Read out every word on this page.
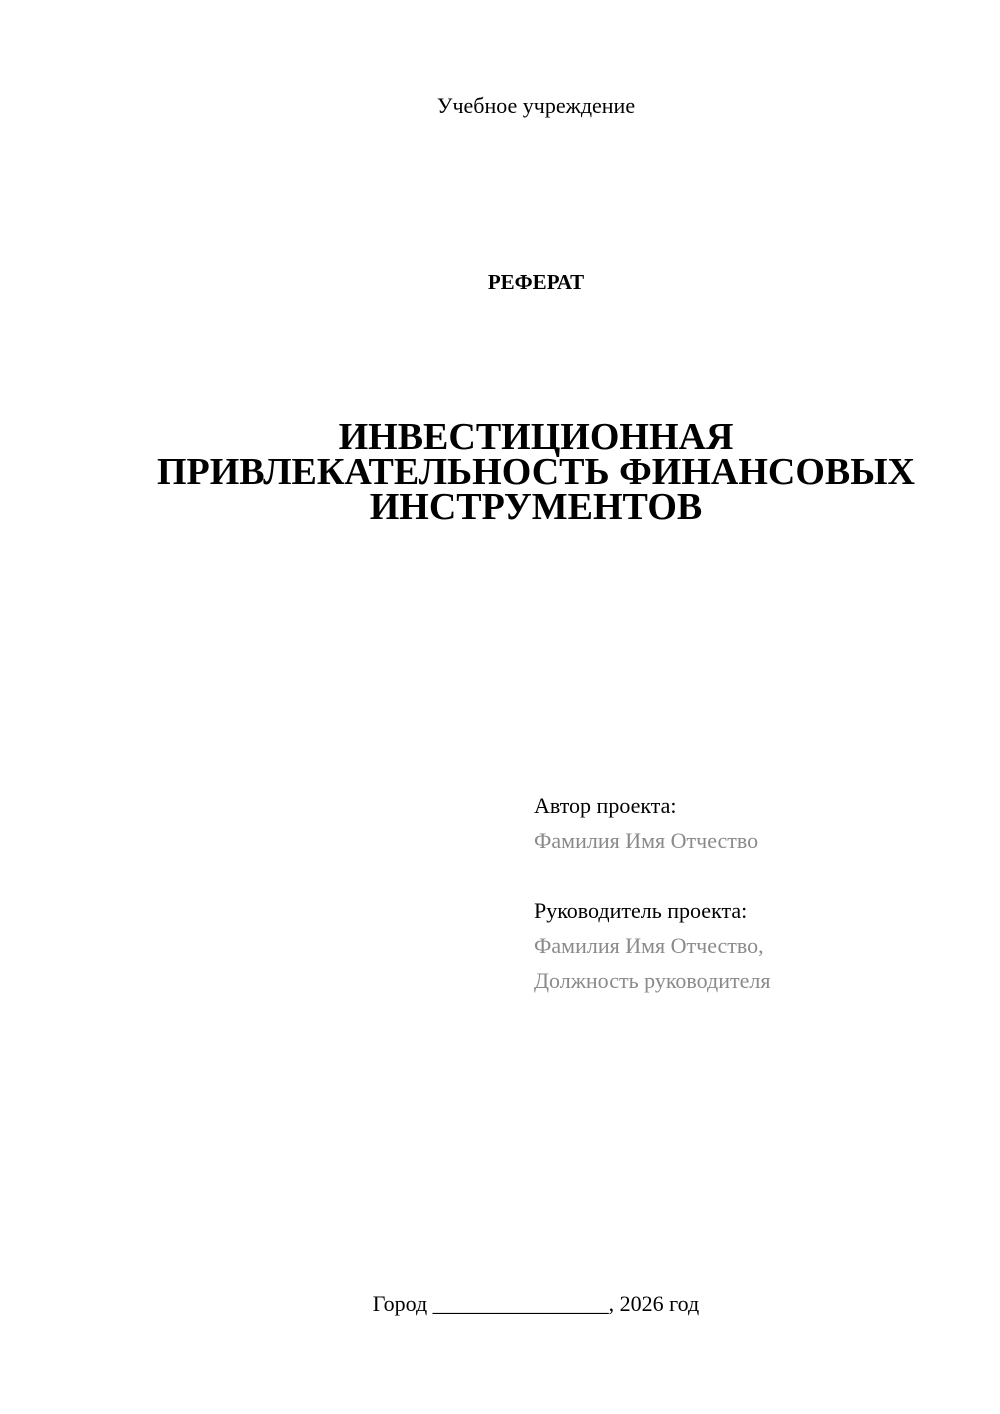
Учебное учреждение
РЕФЕРАТ
ИНВЕСТИЦИОННАЯ
ПРИВЛЕКАТЕЛЬНОСТЬ ФИНАНСОВЫХ
ИНСТРУМЕНТОВ
Автор проекта:
Фамилия Имя Отчество
Руководитель проекта:
Фамилия Имя Отчество,
Должность руководителя
Город ________________, 2026 год
